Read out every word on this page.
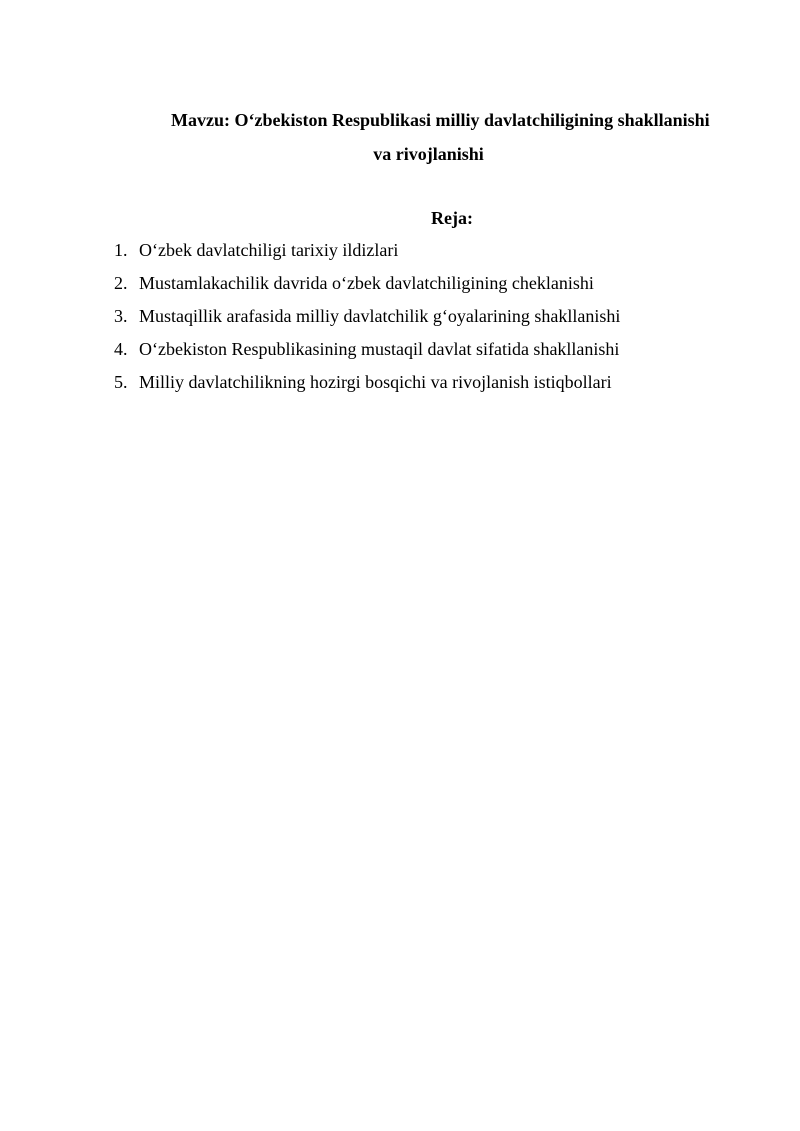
Mavzu: O‘zbekiston Respublikasi milliy davlatchiligining shakllanishi
va rivojlanishi
Reja:
1. O‘zbek davlatchiligi tarixiy ildizlari
2. Mustamlakachilik davrida o‘zbek davlatchiligining cheklanishi
3. Mustaqillik arafasida milliy davlatchilik g‘oyalarining shakllanishi
4. O‘zbekiston Respublikasining mustaqil davlat sifatida shakllanishi
5. Milliy davlatchilikning hozirgi bosqichi va rivojlanish istiqbollari
